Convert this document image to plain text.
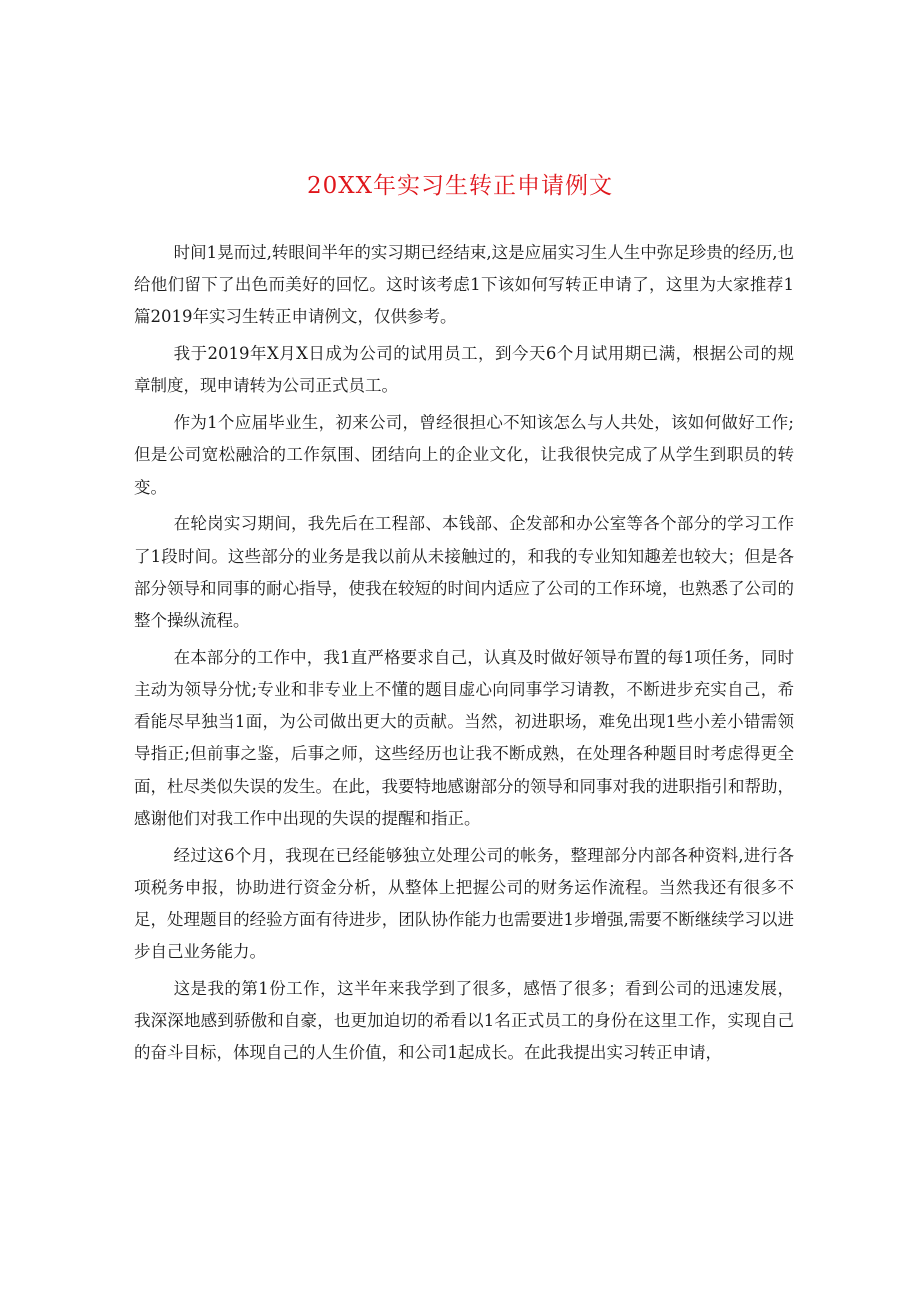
20XX年实习生转正申请例文

时间1晃而过,转眼间半年的实习期已经结束,这是应届实习生人生中弥足珍贵的经历,也给他们留下了出色而美好的回忆。这时该考虑1下该如何写转正申请了，这里为大家推荐1篇2019年实习生转正申请例文，仅供参考。

我于2019年X月X日成为公司的试用员工，到今天6个月试用期已满，根据公司的规章制度，现申请转为公司正式员工。

作为1个应届毕业生，初来公司，曾经很担心不知该怎么与人共处，该如何做好工作;但是公司宽松融洽的工作氛围、团结向上的企业文化，让我很快完成了从学生到职员的转变。

在轮岗实习期间，我先后在工程部、本钱部、企发部和办公室等各个部分的学习工作了1段时间。这些部分的业务是我以前从未接触过的，和我的专业知知趣差也较大；但是各部分领导和同事的耐心指导，使我在较短的时间内适应了公司的工作环境，也熟悉了公司的整个操纵流程。

在本部分的工作中，我1直严格要求自己，认真及时做好领导布置的每1项任务，同时主动为领导分忧;专业和非专业上不懂的题目虚心向同事学习请教，不断进步充实自己，希看能尽早独当1面，为公司做出更大的贡献。当然，初进职场，难免出现1些小差小错需领导指正;但前事之鉴，后事之师，这些经历也让我不断成熟，在处理各种题目时考虑得更全面，杜尽类似失误的发生。在此，我要特地感谢部分的领导和同事对我的进职指引和帮助，感谢他们对我工作中出现的失误的提醒和指正。

经过这6个月，我现在已经能够独立处理公司的帐务，整理部分内部各种资料,进行各项税务申报，协助进行资金分析，从整体上把握公司的财务运作流程。当然我还有很多不足，处理题目的经验方面有待进步，团队协作能力也需要进1步增强,需要不断继续学习以进步自己业务能力。

这是我的第1份工作，这半年来我学到了很多，感悟了很多；看到公司的迅速发展，我深深地感到骄傲和自豪，也更加迫切的希看以1名正式员工的身份在这里工作，实现自己的奋斗目标，体现自己的人生价值，和公司1起成长。在此我提出实习转正申请，
